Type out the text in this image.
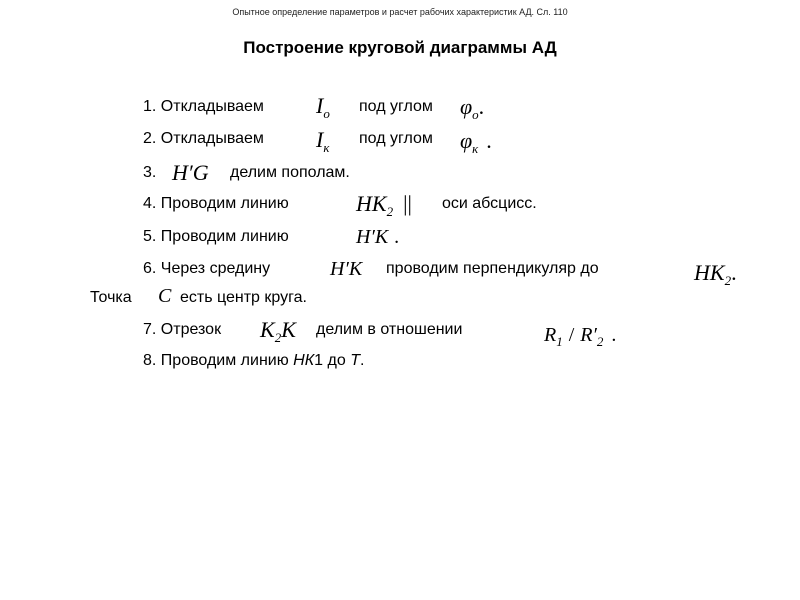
Опытное определение параметров и расчет рабочих характеристик АД. Сл. 110
Построение круговой диаграммы АД
1. Откладываем $I_o$ под углом $\varphi_o$.
2. Откладываем $I_к$
под углом $\varphi_к$ .
3. H′G делим пополам.
4. Проводим линию	$HK_2$ || оси абсцисс.
5. Проводим линию	H′K .
6. Через средину	H′K проводим перпендикуляр до	$HK_2$.
Точка C есть центр круга.
7. Отрезок $K_2K$ делим в отношении	$R_1 / R'_2$ .
8. Проводим линию НК1 до Т.
